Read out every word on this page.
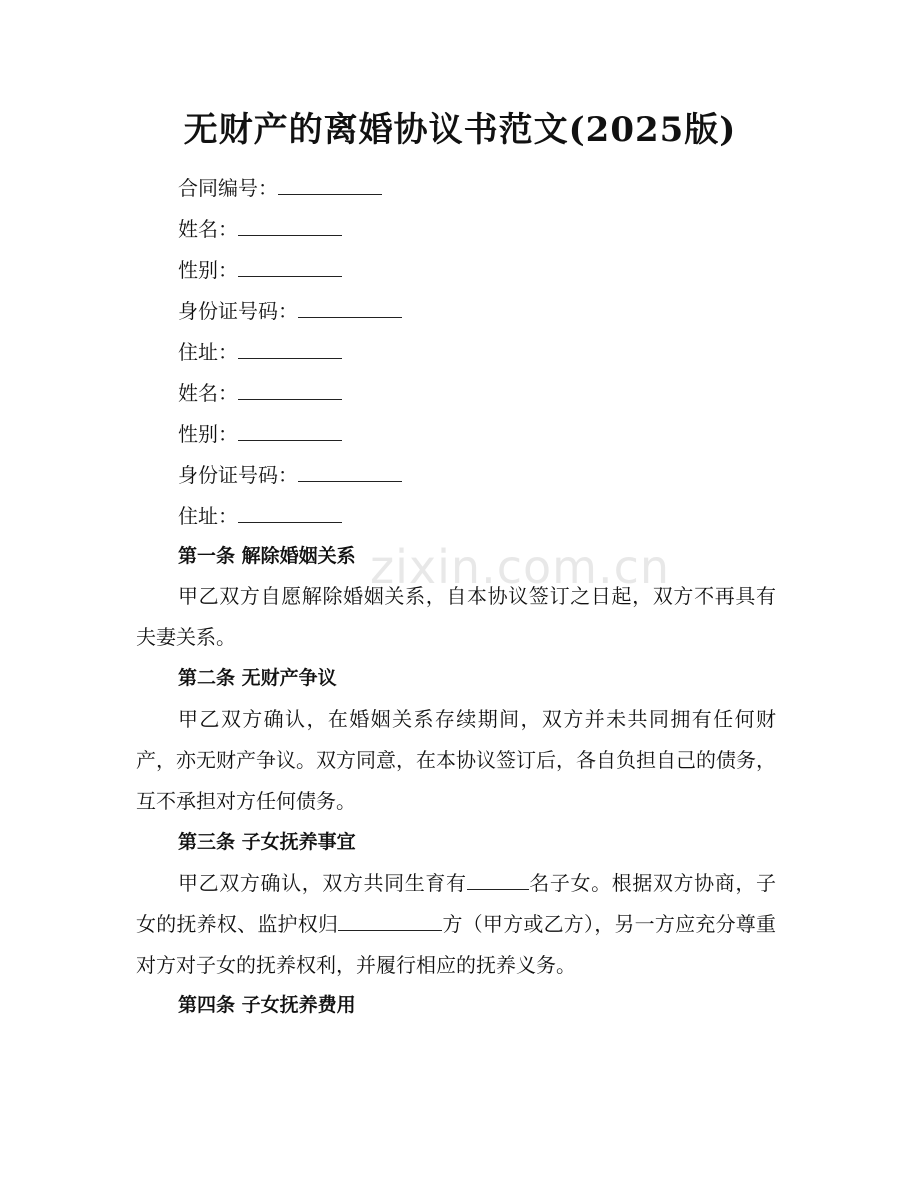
无财产的离婚协议书范文(2025版)
合同编号：
姓名：
性别：
身份证号码：
住址：
姓名：
性别：
身份证号码：
住址：
第一条 解除婚姻关系
甲乙双方自愿解除婚姻关系，自本协议签订之日起，双方不再具有夫妻关系。
第二条 无财产争议
甲乙双方确认，在婚姻关系存续期间，双方并未共同拥有任何财产，亦无财产争议。双方同意，在本协议签订后，各自负担自己的债务，互不承担对方任何债务。
第三条 子女抚养事宜
甲乙双方确认，双方共同生育有	名子女。根据双方协商，子女的抚养权、监护权归	方（甲方或乙方），另一方应充分尊重对方对子女的抚养权利，并履行相应的抚养义务。
第四条 子女抚养费用
zixin.com.cn
